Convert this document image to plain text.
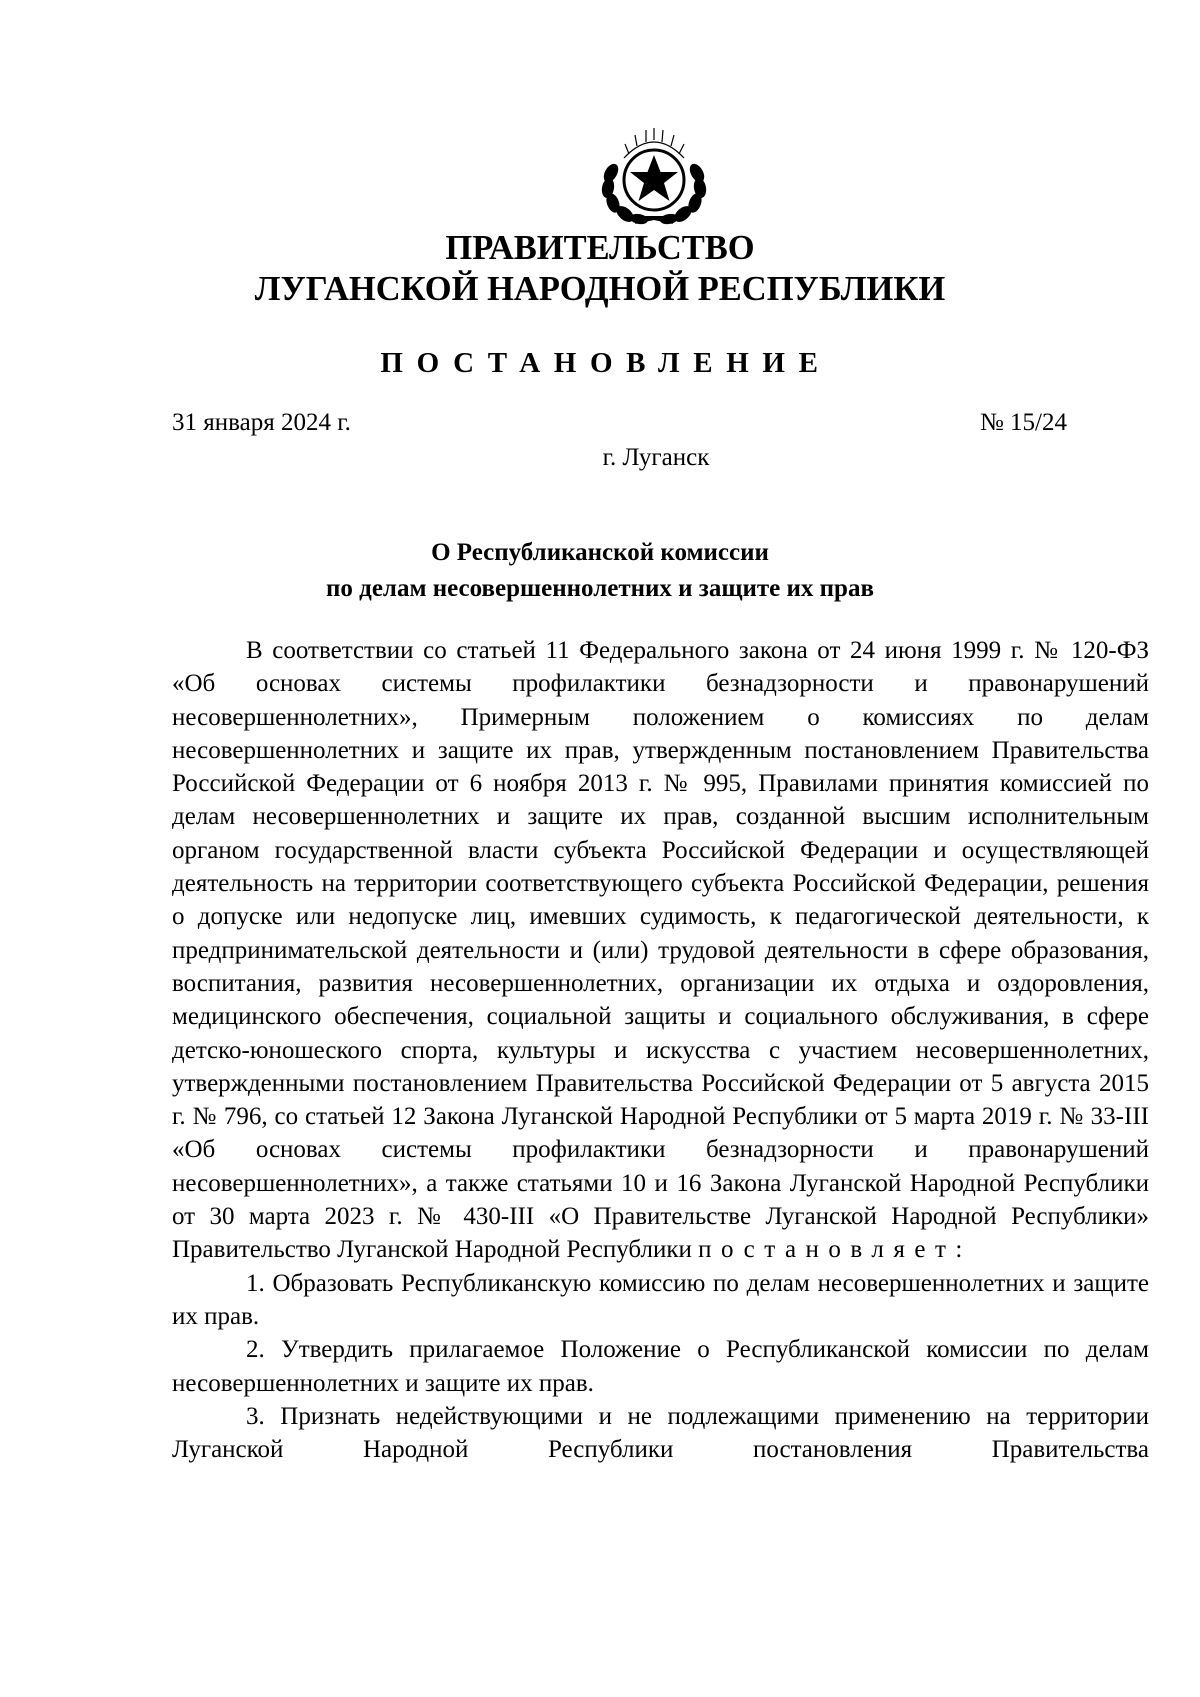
ПРАВИТЕЛЬСТВО
ЛУГАНСКОЙ НАРОДНОЙ РЕСПУБЛИКИ
ПОСТАНОВЛЕНИЕ
31 января 2024 г.	№ 15/24
г. Луганск
О Республиканской комиссии
по делам несовершеннолетних и защите их прав

В соответствии со статьей 11 Федерального закона от 24 июня 1999 г. № 120-ФЗ «Об основах системы профилактики безнадзорности и правонарушений несовершеннолетних», Примерным положением о комиссиях по делам несовершеннолетних и защите их прав, утвержденным постановлением Правительства Российской Федерации от 6 ноября 2013 г. № 995, Правилами принятия комиссией по делам несовершеннолетних и защите их прав, созданной высшим исполнительным органом государственной власти субъекта Российской Федерации и осуществляющей деятельность на территории соответствующего субъекта Российской Федерации, решения о допуске или недопуске лиц, имевших судимость, к педагогической деятельности, к предпринимательской деятельности и (или) трудовой деятельности в сфере образования, воспитания, развития несовершеннолетних, организации их отдыха и оздоровления, медицинского обеспечения, социальной защиты и социального обслуживания, в сфере детско-юношеского спорта, культуры и искусства с участием несовершеннолетних, утвержденными постановлением Правительства Российской Федерации от 5 августа 2015 г. № 796, со статьей 12 Закона Луганской Народной Республики от 5 марта 2019 г. № 33-III «Об основах системы профилактики безнадзорности и правонарушений несовершеннолетних», а также статьями 10 и 16 Закона Луганской Народной Республики от 30 марта 2023 г. № 430-III «О Правительстве Луганской Народной Республики» Правительство Луганской Народной Республики постановляет:

1. Образовать Республиканскую комиссию по делам несовершеннолетних и защите их прав.

2. Утвердить прилагаемое Положение о Республиканской комиссии по делам несовершеннолетних и защите их прав.

3. Признать недействующими и не подлежащими применению на территории Луганской Народной Республики постановления Правительства
